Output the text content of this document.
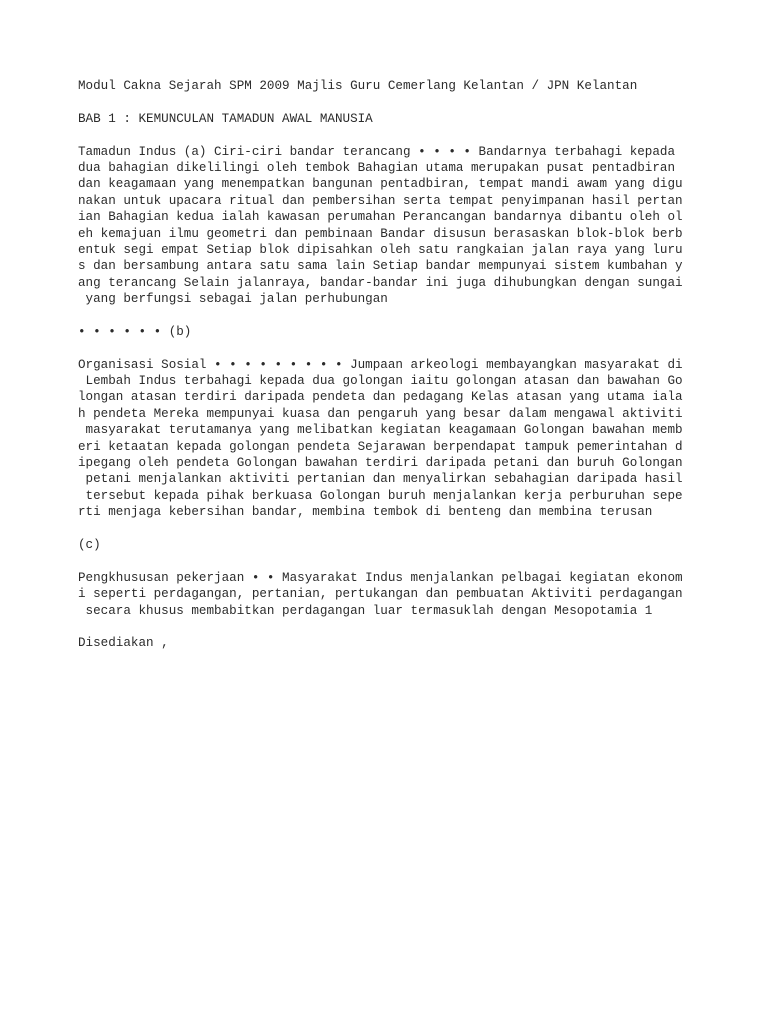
Modul Cakna Sejarah SPM 2009 Majlis Guru Cemerlang Kelantan / JPN Kelantan
BAB 1 : KEMUNCULAN TAMADUN AWAL MANUSIA
Tamadun Indus (a) Ciri-ciri bandar terancang • • • • Bandarnya terbahagi kepada
dua bahagian dikelilingi oleh tembok Bahagian utama merupakan pusat pentadbiran
dan keagamaan yang menempatkan bangunan pentadbiran, tempat mandi awam yang digu
nakan untuk upacara ritual dan pembersihan serta tempat penyimpanan hasil pertan
ian Bahagian kedua ialah kawasan perumahan Perancangan bandarnya dibantu oleh ol
eh kemajuan ilmu geometri dan pembinaan Bandar disusun berasaskan blok-blok berb
entuk segi empat Setiap blok dipisahkan oleh satu rangkaian jalan raya yang luru
s dan bersambung antara satu sama lain Setiap bandar mempunyai sistem kumbahan y
ang terancang Selain jalanraya, bandar-bandar ini juga dihubungkan dengan sungai
yang berfungsi sebagai jalan perhubungan
• • • • • • (b)
Organisasi Sosial • • • • • • • • • Jumpaan arkeologi membayangkan masyarakat di
Lembah Indus terbahagi kepada dua golongan iaitu golongan atasan dan bawahan Go
longan atasan terdiri daripada pendeta dan pedagang Kelas atasan yang utama iala
h pendeta Mereka mempunyai kuasa dan pengaruh yang besar dalam mengawal aktiviti
masyarakat terutamanya yang melibatkan kegiatan keagamaan Golongan bawahan memb
eri ketaatan kepada golongan pendeta Sejarawan berpendapat tampuk pemerintahan d
ipegang oleh pendeta Golongan bawahan terdiri daripada petani dan buruh Golongan
petani menjalankan aktiviti pertanian dan menyalirkan sebahagian daripada hasil
tersebut kepada pihak berkuasa Golongan buruh menjalankan kerja perburuhan sepe
rti menjaga kebersihan bandar, membina tembok di benteng dan membina terusan
(c)
Pengkhususan pekerjaan • • Masyarakat Indus menjalankan pelbagai kegiatan ekonom
i seperti perdagangan, pertanian, pertukangan dan pembuatan Aktiviti perdagangan
secara khusus membabitkan perdagangan luar termasuklah dengan Mesopotamia 1
Disediakan ,
